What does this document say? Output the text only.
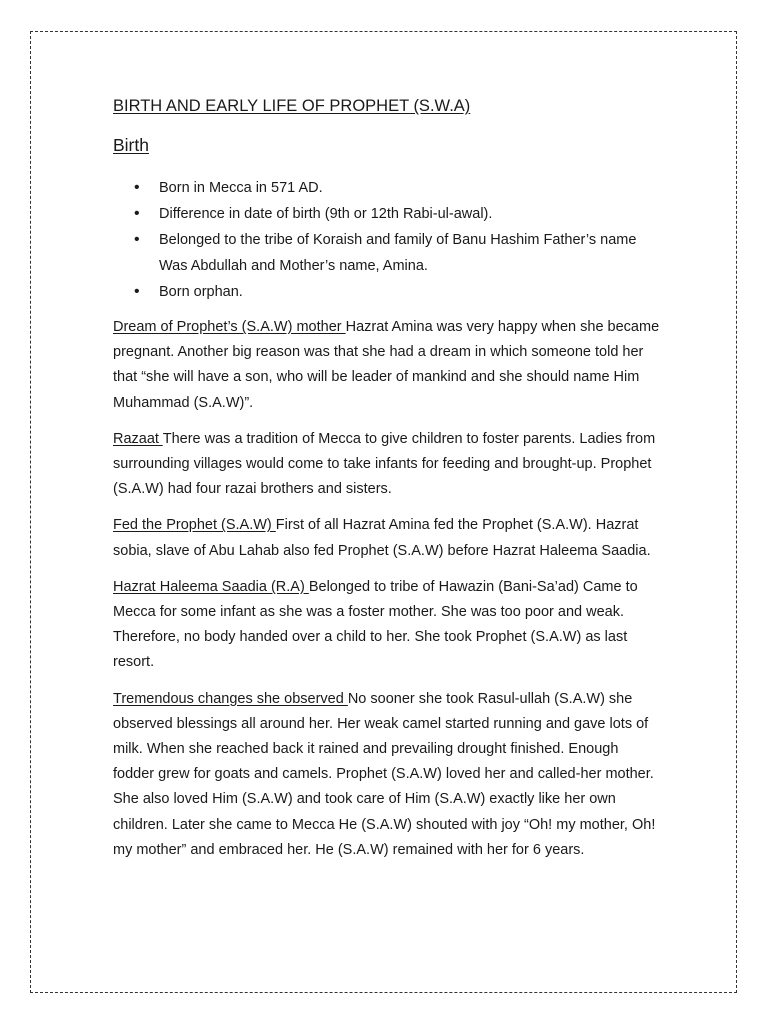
BIRTH AND EARLY LIFE OF PROPHET (S.W.A)
Birth
• Born in Mecca in 571 AD.
• Difference in date of birth (9th or 12th Rabi-ul-awal).
• Belonged to the tribe of Koraish and family of Banu Hashim Father’s name Was Abdullah and Mother’s name, Amina.
• Born orphan.

Dream of Prophet’s (S.A.W) mother Hazrat Amina was very happy when she became pregnant. Another big reason was that she had a dream in which someone told her that “she will have a son, who will be leader of mankind and she should name Him Muhammad (S.A.W)”.

Razaat There was a tradition of Mecca to give children to foster parents. Ladies from surrounding villages would come to take infants for feeding and brought-up. Prophet (S.A.W) had four razai brothers and sisters.

Fed the Prophet (S.A.W) First of all Hazrat Amina fed the Prophet (S.A.W). Hazrat sobia, slave of Abu Lahab also fed Prophet (S.A.W) before Hazrat Haleema Saadia.

Hazrat Haleema Saadia (R.A) Belonged to tribe of Hawazin (Bani-Sa’ad) Came to Mecca for some infant as she was a foster mother. She was too poor and weak. Therefore, no body handed over a child to her. She took Prophet (S.A.W) as last resort.

Tremendous changes she observed No sooner she took Rasul-ullah (S.A.W) she observed blessings all around her. Her weak camel started running and gave lots of milk. When she reached back it rained and prevailing drought finished. Enough fodder grew for goats and camels. Prophet (S.A.W) loved her and called-her mother. She also loved Him (S.A.W) and took care of Him (S.A.W) exactly like her own children. Later she came to Mecca He (S.A.W) shouted with joy “Oh! my mother, Oh! my mother” and embraced her. He (S.A.W) remained with her for 6 years.
